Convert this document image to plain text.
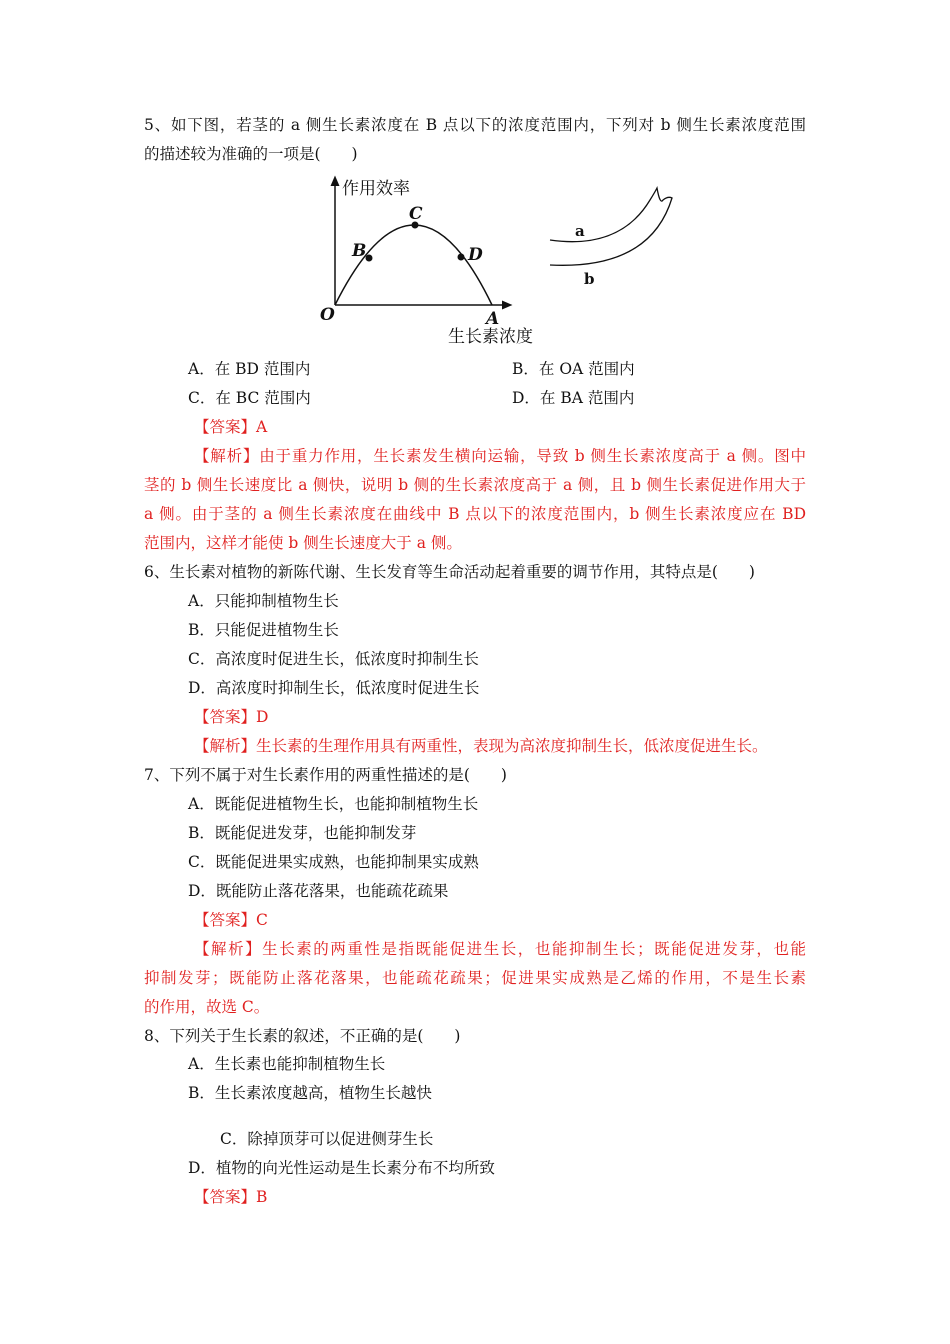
5、如下图，若茎的 a 侧生长素浓度在 B 点以下的浓度范围内，下列对 b 侧生长素浓度范围
的描述较为准确的一项是(　　)
作用效率
O
B
C
D
A
生长素浓度
a
b
A．在 BD 范围内	B．在 OA 范围内
C．在 BC 范围内	D．在 BA 范围内
【答案】A
【解析】由于重力作用，生长素发生横向运输，导致 b 侧生长素浓度高于 a 侧。图中
茎的 b 侧生长速度比 a 侧快，说明 b 侧的生长素浓度高于 a 侧，且 b 侧生长素促进作用大于
a 侧。由于茎的 a 侧生长素浓度在曲线中 B 点以下的浓度范围内，b 侧生长素浓度应在 BD
范围内，这样才能使 b 侧生长速度大于 a 侧。
6、生长素对植物的新陈代谢、生长发育等生命活动起着重要的调节作用，其特点是(　　)
A．只能抑制植物生长
B．只能促进植物生长
C．高浓度时促进生长，低浓度时抑制生长
D．高浓度时抑制生长，低浓度时促进生长
【答案】D
【解析】生长素的生理作用具有两重性，表现为高浓度抑制生长，低浓度促进生长。
7、下列不属于对生长素作用的两重性描述的是(　　)
A．既能促进植物生长，也能抑制植物生长
B．既能促进发芽，也能抑制发芽
C．既能促进果实成熟，也能抑制果实成熟
D．既能防止落花落果，也能疏花疏果
【答案】C
【解析】生长素的两重性是指既能促进生长，也能抑制生长；既能促进发芽，也能
抑制发芽；既能防止落花落果，也能疏花疏果；促进果实成熟是乙烯的作用，不是生长素
的作用，故选 C。
8、下列关于生长素的叙述，不正确的是(　　)
A．生长素也能抑制植物生长
B．生长素浓度越高，植物生长越快
C．除掉顶芽可以促进侧芽生长
D．植物的向光性运动是生长素分布不均所致
【答案】B
